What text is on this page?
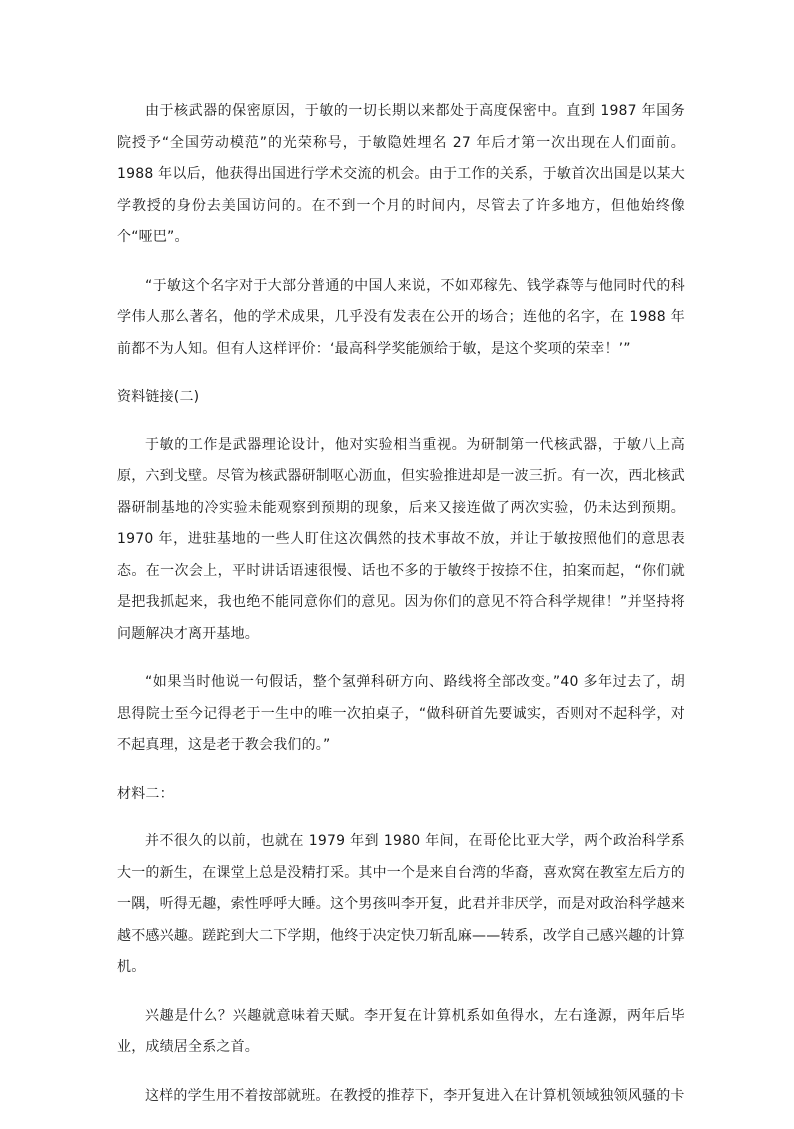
由于核武器的保密原因，于敏的一切长期以来都处于高度保密中。直到 1987 年国务院授予“全国劳动模范”的光荣称号，于敏隐姓埋名 27 年后才第一次出现在人们面前。1988 年以后，他获得出国进行学术交流的机会。由于工作的关系，于敏首次出国是以某大学教授的身份去美国访问的。在不到一个月的时间内，尽管去了许多地方，但他始终像个“哑巴”。

“于敏这个名字对于大部分普通的中国人来说，不如邓稼先、钱学森等与他同时代的科学伟人那么著名，他的学术成果，几乎没有发表在公开的场合；连他的名字，在 1988 年前都不为人知。但有人这样评价：‘最高科学奖能颁给于敏，是这个奖项的荣幸！’”

资料链接(二)

于敏的工作是武器理论设计，他对实验相当重视。为研制第一代核武器，于敏八上高原，六到戈壁。尽管为核武器研制呕心沥血，但实验推进却是一波三折。有一次，西北核武器研制基地的冷实验未能观察到预期的现象，后来又接连做了两次实验，仍未达到预期。1970 年，进驻基地的一些人盯住这次偶然的技术事故不放，并让于敏按照他们的意思表态。在一次会上，平时讲话语速很慢、话也不多的于敏终于按捺不住，拍案而起，“你们就是把我抓起来，我也绝不能同意你们的意见。因为你们的意见不符合科学规律！”并坚持将问题解决才离开基地。

“如果当时他说一句假话，整个氢弹科研方向、路线将全部改变。”40 多年过去了，胡思得院士至今记得老于一生中的唯一次拍桌子，“做科研首先要诚实，否则对不起科学，对不起真理，这是老于教会我们的。”

材料二：

并不很久的以前，也就在 1979 年到 1980 年间，在哥伦比亚大学，两个政治科学系大一的新生，在课堂上总是没精打采。其中一个是来自台湾的华裔，喜欢窝在教室左后方的一隅，听得无趣，索性呼呼大睡。这个男孩叫李开复，此君并非厌学，而是对政治科学越来越不感兴趣。蹉跎到大二下学期，他终于决定快刀斩乱麻——转系，改学自己感兴趣的计算机。

兴趣是什么？兴趣就意味着天赋。李开复在计算机系如鱼得水，左右逢源，两年后毕业，成绩居全系之首。

这样的学生用不着按部就班。在教授的推荐下，李开复进入在计算机领域独领风骚的卡
